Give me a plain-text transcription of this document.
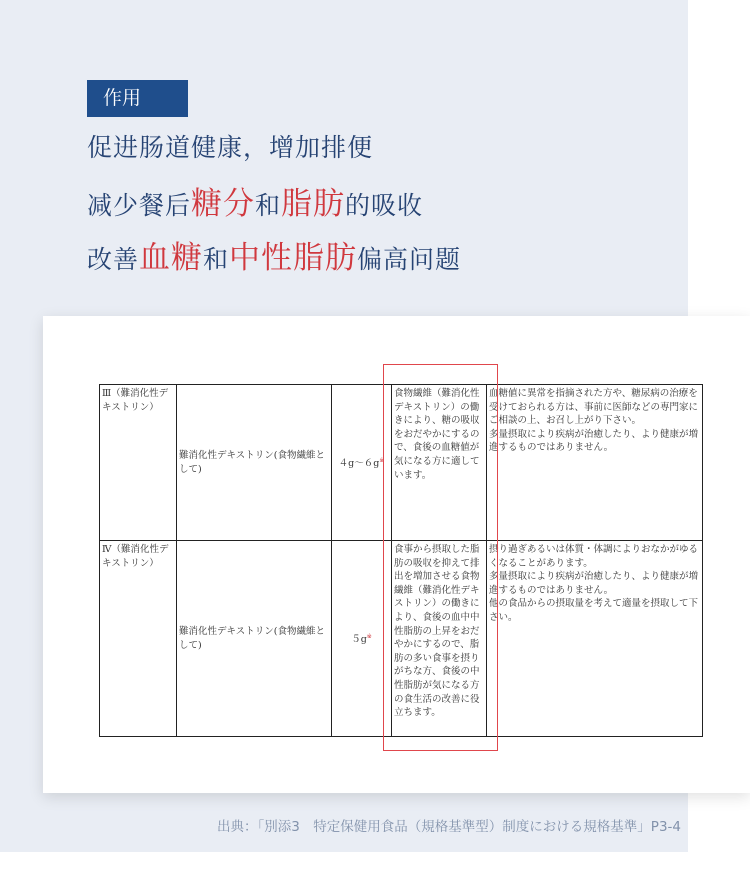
作用
促进肠道健康，增加排便
减少餐后糖分和脂肪的吸收
改善血糖和中性脂肪偏高问题
Ⅲ（難消化性デキストリン）	難消化性デキストリン(食物繊維として)	４g～６g※	食物繊維（難消化性デキストリン）の働きにより、糖の吸収をおだやかにするので、食後の血糖値が気になる方に適しています。	血糖値に異常を指摘された方や、糖尿病の治療を受けておられる方は、事前に医師などの専門家にご相談の上、お召し上がり下さい。
多量摂取により疾病が治癒したり、より健康が増進するものではありません。
Ⅳ（難消化性デキストリン）	難消化性デキストリン(食物繊維として)	５g※	食事から摂取した脂肪の吸収を抑えて排出を増加させる食物繊維（難消化性デキストリン）の働きにより、食後の血中中性脂肪の上昇をおだやかにするので、脂肪の多い食事を摂りがちな方、食後の中性脂肪が気になる方の食生活の改善に役立ちます。	摂り過ぎあるいは体質・体調によりおなかがゆるくなることがあります。
多量摂取により疾病が治癒したり、より健康が増進するものではありません。
他の食品からの摂取量を考えて適量を摂取して下さい。
出典：「別添3　特定保健用食品（規格基準型）制度における規格基準」P3-4
